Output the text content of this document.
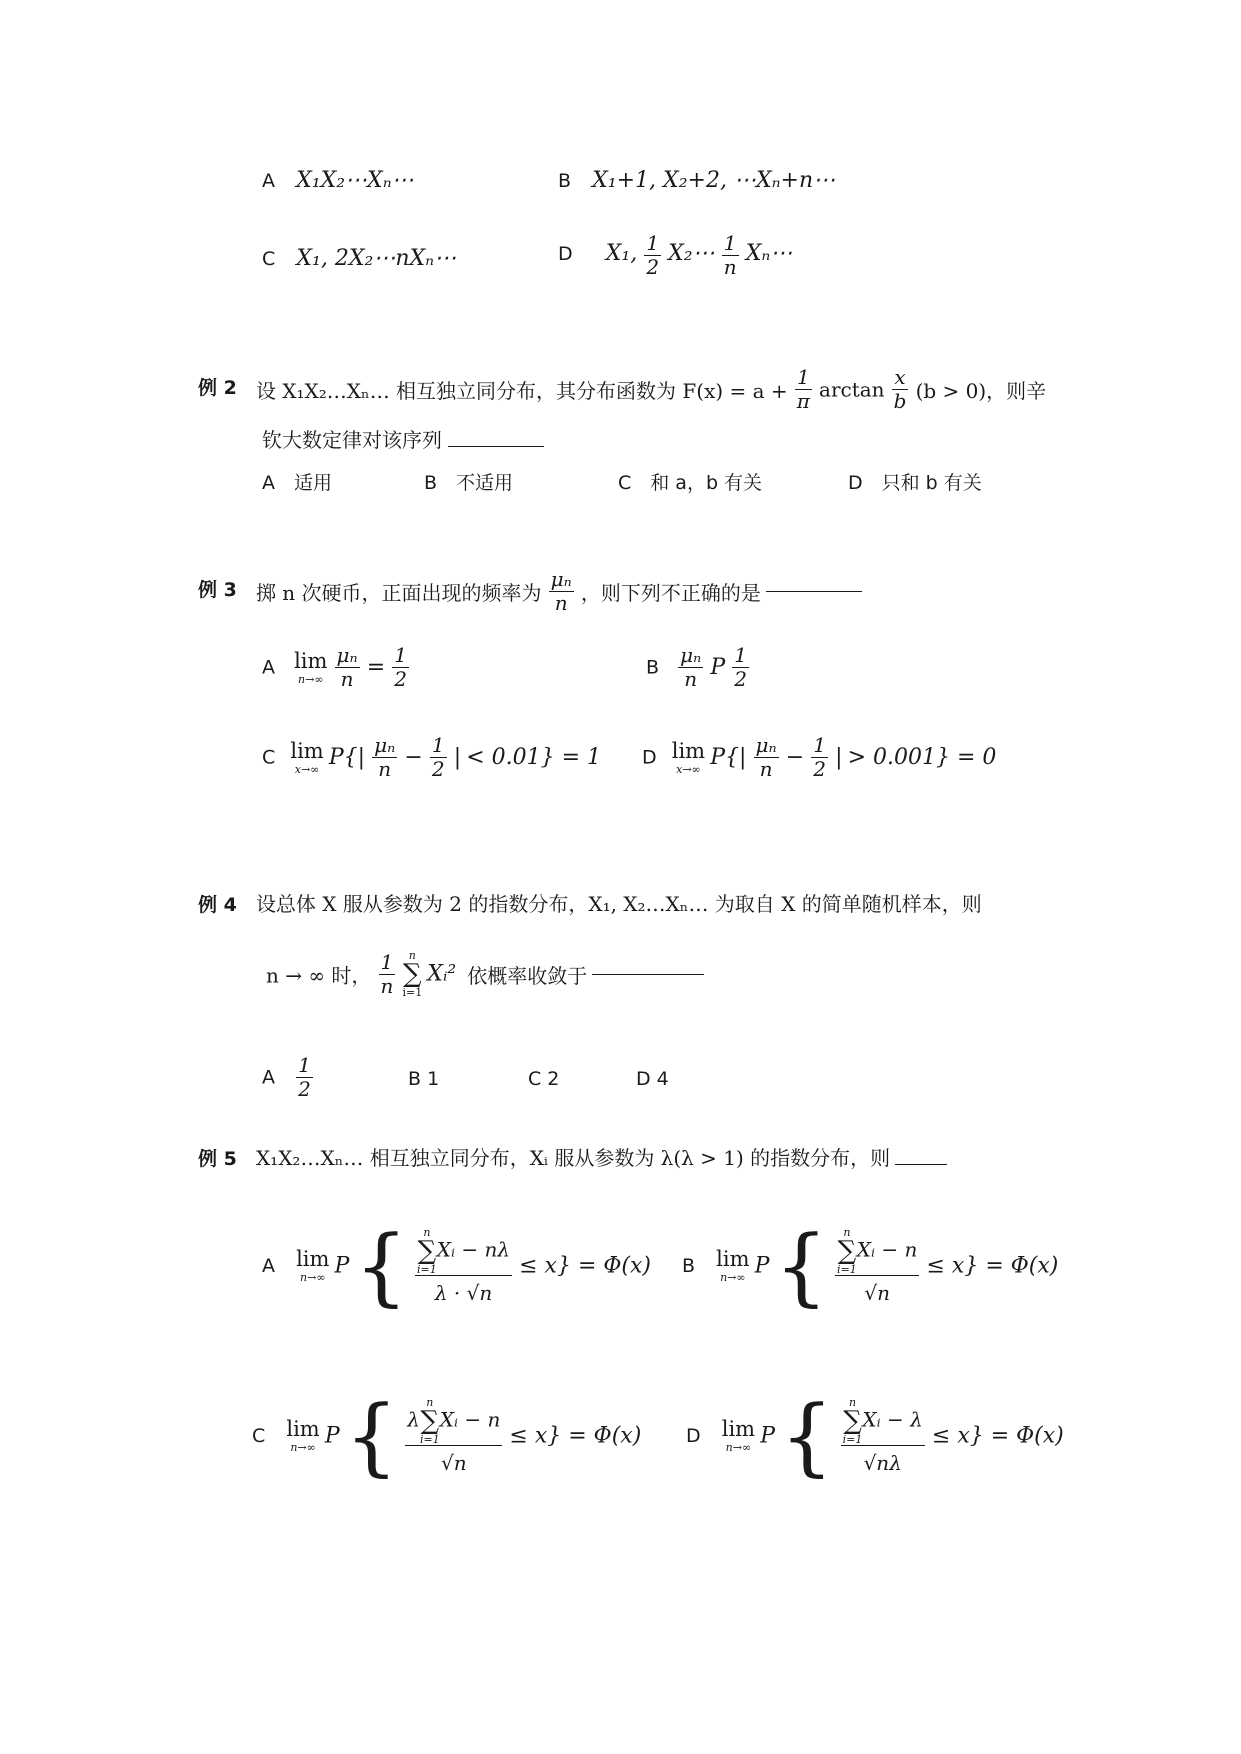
A X₁X₂⋯Xₙ⋯	B X₁+1, X₂+2, ⋯Xₙ+n⋯
C X₁, 2X₂⋯nXₙ⋯	D X₁, $\frac{1}{2}$ X₂⋯ $\frac{1}{n}$ Xₙ⋯
例 2 设 X₁X₂…Xₙ… 相互独立同分布，其分布函数为 $F(x) = a + \frac{1}{\pi}$ $\arctan \frac{x}{b} (b > 0)$，则辛
钦大数定律对该序列
A　适用	B　不适用	C　和 a，b 有关	D　只和 b 有关
例 3 掷 n 次硬币，正面出现的频率为 $\frac{\text{μₙ}}{n}$ ，则下列不正确的是
A lim
n→∞
$\frac{\text{μₙ}}{n} = \frac{1}{2}$	B $\frac{\text{μₙ}}{n}$ P $\frac{1}{2}$
C lim
x→∞ $P\{| \frac{\text{μₙ}}{n} - \frac{1}{2}$ | < 0.01} = 1 D lim
x→∞ $P\{| \frac{\text{μₙ}}{n} - \frac{1}{2}$ | > 0.001} = 0
例 4 设总体 X 服从参数为 2 的指数分布，X₁, X₂…Xₙ… 为取自 X 的简单随机样本，则
n → ∞ 时， $\frac{1}{n}$
n
∑
i=1
Xᵢ² 依概率收敛于
A $\frac{1}{2}$	B 1	C 2	D 4
例 5 X₁X₂…Xₙ… 相互独立同分布，Xᵢ 服从参数为 λ(λ > 1) 的指数分布，则
A lim
n→∞ P { n
∑
i=1
Xᵢ − nλ
λ · √n ≤ x} = Φ(x) B lim
n→∞ P { n
∑
i=1
Xᵢ − n
√n ≤ x} = Φ(x)
C lim
n→∞ P { λ
n
∑
i=1
Xᵢ − n
√n ≤ x} = Φ(x) D lim
n→∞ P { n
∑
i=1
Xᵢ − λ
√nλ ≤ x} = Φ(x)
